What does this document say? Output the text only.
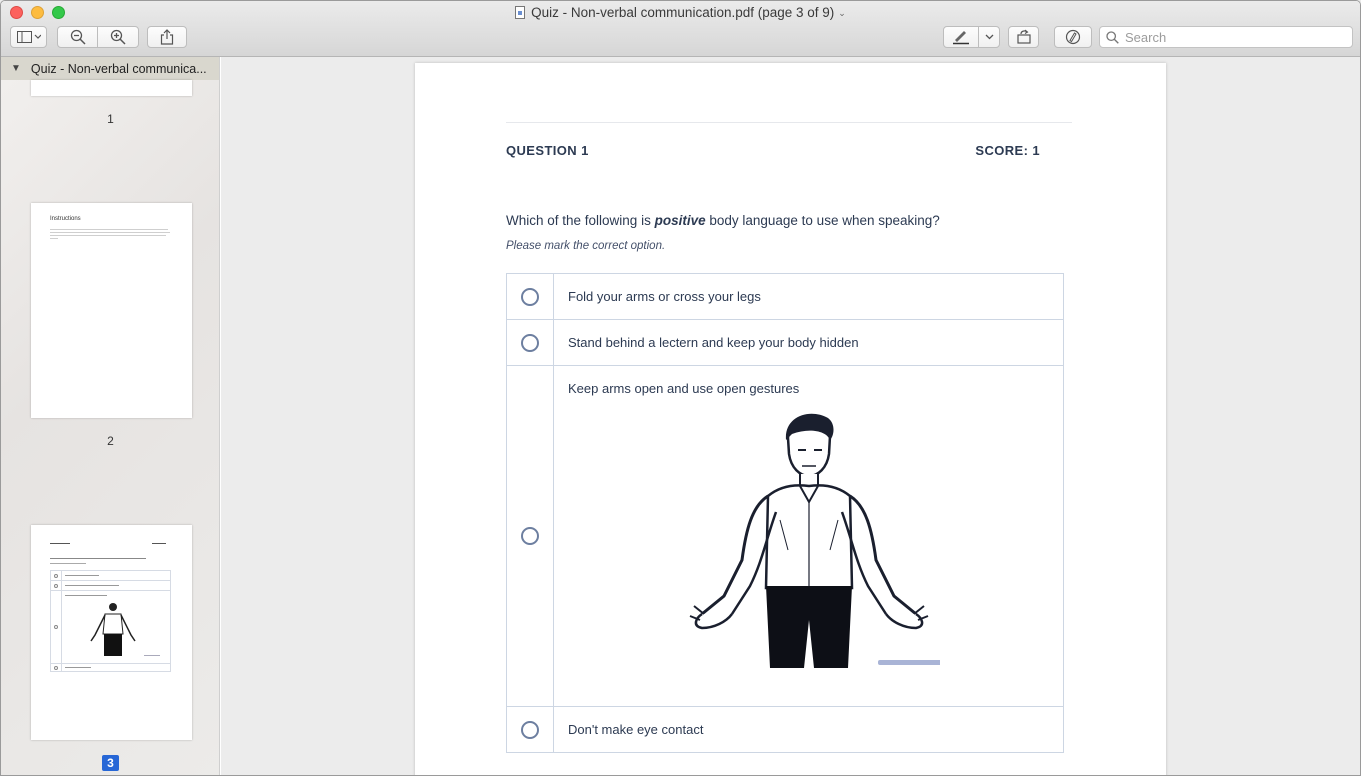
Quiz - Non-verbal communication.pdf (page 3 of 9) ⌄
Search
▼ Quiz - Non-verbal communica...
1
Instructions
2
3
QUESTION 1	SCORE: 1
Which of the following is positive body language to use when speaking?
Please mark the correct option.
Fold your arms or cross your legs
Stand behind a lectern and keep your body hidden
Keep arms open and use open gestures
Don't make eye contact
